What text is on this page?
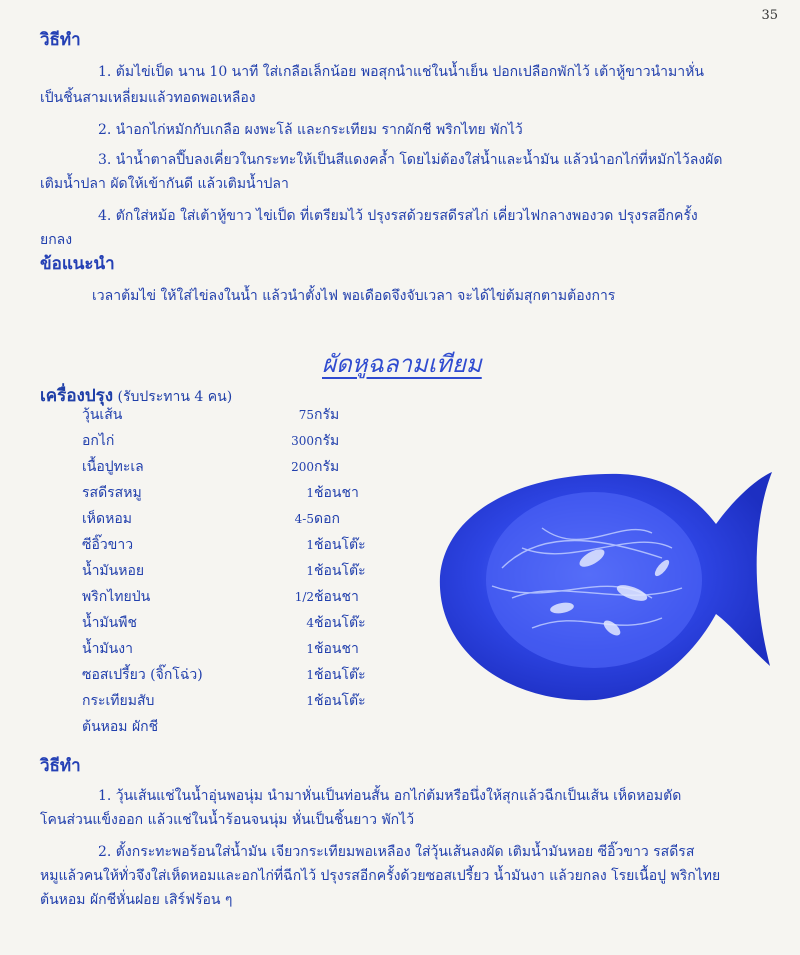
35
วิธีทำ
1. ต้มไข่เป็ด นาน 10 นาที ใส่เกลือเล็กน้อย พอสุกนำแช่ในน้ำเย็น ปอกเปลือกพักไว้ เต้าหู้ขาวนำมาหั่น
เป็นชิ้นสามเหลี่ยมแล้วทอดพอเหลือง
2. นำอกไก่หมักกับเกลือ ผงพะโล้ และกระเทียม รากผักชี พริกไทย พักไว้
3. นำน้ำตาลปี๊บลงเคี่ยวในกระทะให้เป็นสีแดงคล้ำ โดยไม่ต้องใส่น้ำและน้ำมัน แล้วนำอกไก่ที่หมักไว้ลงผัด
เติมน้ำปลา ผัดให้เข้ากันดี แล้วเติมน้ำปลา
4. ตักใส่หม้อ ใส่เต้าหู้ขาว ไข่เป็ด ที่เตรียมไว้ ปรุงรสด้วยรสดีรสไก่ เคี่ยวไฟกลางพองวด ปรุงรสอีกครั้ง
ยกลง
ข้อแนะนำ
เวลาต้มไข่ ให้ใส่ไข่ลงในน้ำ แล้วนำตั้งไฟ พอเดือดจึงจับเวลา จะได้ไข่ต้มสุกตามต้องการ
ผัดหูฉลามเทียม
เครื่องปรุง (รับประทาน 4 คน)
วุ้นเส้น	75	กรัม
อกไก่	300	กรัม
เนื้อปูทะเล	200	กรัม
รสดีรสหมู	1	ช้อนชา
เห็ดหอม	4-5	ดอก
ซีอิ๊วขาว	1	ช้อนโต๊ะ
น้ำมันหอย	1	ช้อนโต๊ะ
พริกไทยป่น	1/2	ช้อนชา
น้ำมันพืช	4	ช้อนโต๊ะ
น้ำมันงา	1	ช้อนชา
ซอสเปรี้ยว (จิ๊กโฉ่ว)	1	ช้อนโต๊ะ
กระเทียมสับ	1	ช้อนโต๊ะ
ต้นหอม ผักชี		
วิธีทำ
1. วุ้นเส้นแช่ในน้ำอุ่นพอนุ่ม นำมาหั่นเป็นท่อนสั้น อกไก่ต้มหรือนึ่งให้สุกแล้วฉีกเป็นเส้น เห็ดหอมตัด
โคนส่วนแข็งออก แล้วแช่ในน้ำร้อนจนนุ่ม หั่นเป็นชิ้นยาว พักไว้
2. ตั้งกระทะพอร้อนใส่น้ำมัน เจียวกระเทียมพอเหลือง ใส่วุ้นเส้นลงผัด เติมน้ำมันหอย ซีอิ๊วขาว รสดีรส
หมูแล้วคนให้ทั่วจึงใส่เห็ดหอมและอกไก่ที่ฉีกไว้ ปรุงรสอีกครั้งด้วยซอสเปรี้ยว น้ำมันงา แล้วยกลง โรยเนื้อปู พริกไทย
ต้นหอม ผักชีหั่นฝอย เสิร์ฟร้อน ๆ
